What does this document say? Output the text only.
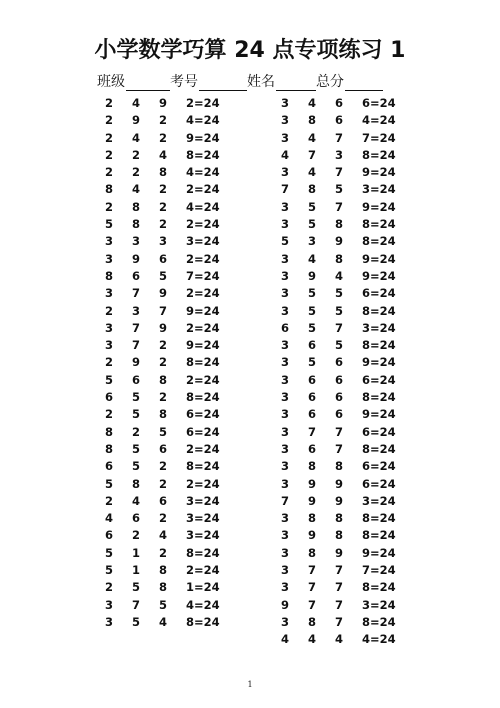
小学数学巧算 24 点专项练习 1
班级	考号	姓名	总分
2 4 9 2=24
2 9 2 4=24
2 4 2 9=24
2 2 4 8=24
2 2 8 4=24
8 4 2 2=24
2 8 2 4=24
5 8 2 2=24
3 3 3 3=24
3 9 6 2=24
8 6 5 7=24
3 7 9 2=24
2 3 7 9=24
3 7 9 2=24
3 7 2 9=24
2 9 2 8=24
5 6 8 2=24
6 5 2 8=24
2 5 8 6=24
8 2 5 6=24
8 5 6 2=24
6 5 2 8=24
5 8 2 2=24
2 4 6 3=24
4 6 2 3=24
6 2 4 3=24
5 1 2 8=24
5 1 8 2=24
2 5 8 1=24
3 7 5 4=24
3 5 4 8=24
3 4 6 6=24
3 8 6 4=24
3 4 7 7=24
4 7 3 8=24
3 4 7 9=24
7 8 5 3=24
3 5 7 9=24
3 5 8 8=24
5 3 9 8=24
3 4 8 9=24
3 9 4 9=24
3 5 5 6=24
3 5 5 8=24
6 5 7 3=24
3 6 5 8=24
3 5 6 9=24
3 6 6 6=24
3 6 6 8=24
3 6 6 9=24
3 7 7 6=24
3 6 7 8=24
3 8 8 6=24
3 9 9 6=24
7 9 9 3=24
3 8 8 8=24
3 9 8 8=24
3 8 9 9=24
3 7 7 7=24
3 7 7 8=24
9 7 7 3=24
3 8 7 8=24
4 4 4 4=24
1
